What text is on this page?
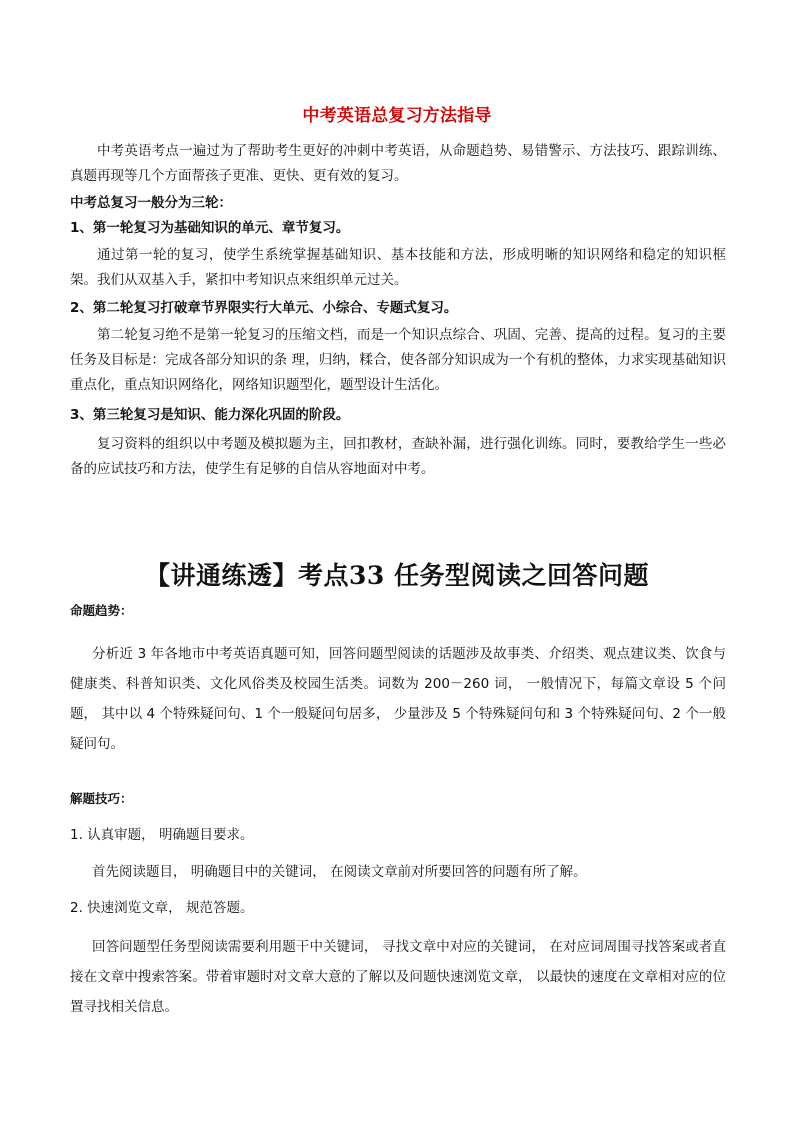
中考英语总复习方法指导

中考英语考点一遍过为了帮助考生更好的冲刺中考英语，从命题趋势、易错警示、方法技巧、跟踪训练、真题再现等几个方面帮孩子更准、更快、更有效的复习。

中考总复习一般分为三轮：

1、第一轮复习为基础知识的单元、章节复习。

通过第一轮的复习，使学生系统掌握基础知识、基本技能和方法，形成明晰的知识网络和稳定的知识框架。我们从双基入手，紧扣中考知识点来组织单元过关。

2、第二轮复习打破章节界限实行大单元、小综合、专题式复习。

第二轮复习绝不是第一轮复习的压缩文档，而是一个知识点综合、巩固、完善、提高的过程。复习的主要任务及目标是：完成各部分知识的条 理，归纳，糅合，使各部分知识成为一个有机的整体，力求实现基础知识重点化，重点知识网络化，网络知识题型化，题型设计生活化。

3、第三轮复习是知识、能力深化巩固的阶段。

复习资料的组织以中考题及模拟题为主，回扣教材，查缺补漏，进行强化训练。同时，要教给学生一些必备的应试技巧和方法，使学生有足够的自信从容地面对中考。

【讲通练透】考点33 任务型阅读之回答问题

命题趋势：

分析近 3 年各地市中考英语真题可知，回答问题型阅读的话题涉及故事类、介绍类、观点建议类、饮食与健康类、科普知识类、文化风俗类及校园生活类。词数为 200－260 词， 一般情况下，每篇文章设 5 个问题， 其中以 4 个特殊疑问句、1 个一般疑问句居多， 少量涉及 5 个特殊疑问句和 3 个特殊疑问句、2 个一般疑问句。

解题技巧：

1. 认真审题， 明确题目要求。

首先阅读题目， 明确题目中的关键词， 在阅读文章前对所要回答的问题有所了解。

2. 快速浏览文章， 规范答题。

回答问题型任务型阅读需要利用题干中关键词， 寻找文章中对应的关键词， 在对应词周围寻找答案或者直接在文章中搜索答案。带着审题时对文章大意的了解以及问题快速浏览文章， 以最快的速度在文章相对应的位置寻找相关信息。
